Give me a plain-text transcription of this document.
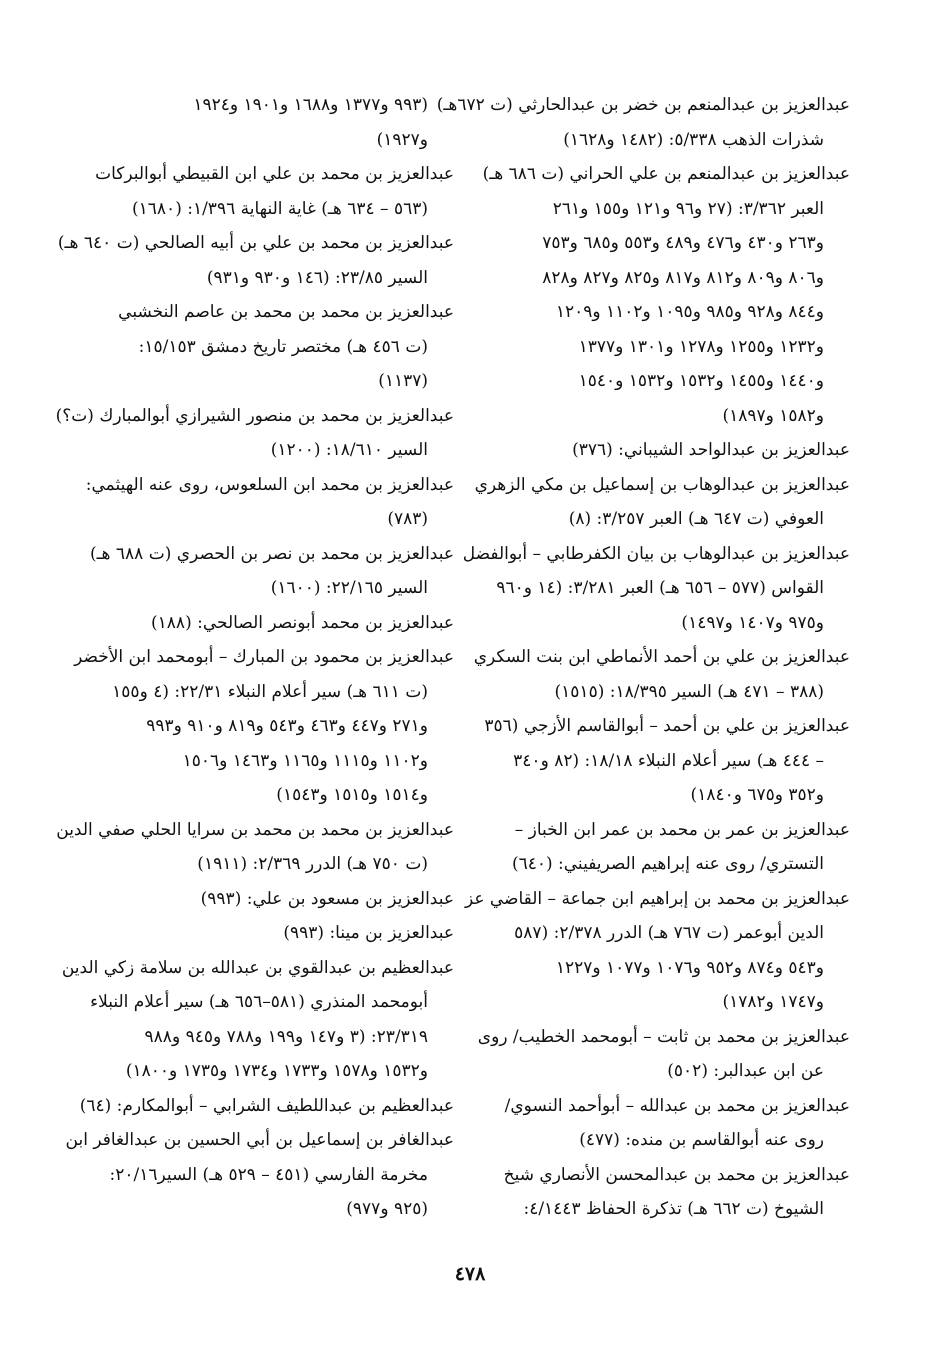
عبدالعزيز بن عبدالمنعم بن خضر بن عبدالحارثي (ت ٦٧٢هـ)
شذرات الذهب ٥/٣٣٨: (١٤٨٢ و١٦٢٨)
عبدالعزيز بن عبدالمنعم بن علي الحراني (ت ٦٨٦ هـ)
العبر ٣/٣٦٢: (٢٧ و٩٦ و١٢١ و١٥٥ و٢٦١
و٢٦٣ و٤٣٠ و٤٧٦ و٤٨٩ و٥٥٣ و٦٨٥ و٧٥٣
و٨٠٦ و٨٠٩ و٨١٢ و٨١٧ و٨٢٥ و٨٢٧ و٨٢٨
و٨٤٤ و٩٢٨ و٩٨٥ و١٠٩٥ و١١٠٢ و١٢٠٩
و١٢٣٢ و١٢٥٥ و١٢٧٨ و١٣٠١ و١٣٧٧
و١٤٤٠ و١٤٥٥ و١٥٣٢ و١٥٣٢ و١٥٤٠
و١٥٨٢ و١٨٩٧)
عبدالعزيز بن عبدالواحد الشيباني: (٣٧٦)
عبدالعزيز بن عبدالوهاب بن إسماعيل بن مكي الزهري
العوفي (ت ٦٤٧ هـ) العبر ٣/٢٥٧: (٨)
عبدالعزيز بن عبدالوهاب بن بيان الكفرطابي – أبوالفضل
القواس (٥٧٧ – ٦٥٦ هـ) العبر ٣/٢٨١: (١٤ و٩٦٠
و٩٧٥ و١٤٠٧ و١٤٩٧)
عبدالعزيز بن علي بن أحمد الأنماطي ابن بنت السكري
(٣٨٨ – ٤٧١ هـ) السير ١٨/٣٩٥: (١٥١٥)
عبدالعزيز بن علي بن أحمد – أبوالقاسم الأزجي (٣٥٦
– ٤٤٤ هـ) سير أعلام النبلاء ١٨/١٨: (٨٢ و٣٤٠
و٣٥٢ و٦٧٥ و١٨٤٠)
عبدالعزيز بن عمر بن محمد بن عمر ابن الخباز –
التستري/ روى عنه إبراهيم الصريفيني: (٦٤٠)
عبدالعزيز بن محمد بن إبراهيم ابن جماعة – القاضي عز
الدين أبوعمر (ت ٧٦٧ هـ) الدرر ٢/٣٧٨: (٥٨٧
و٥٤٣ و٨٧٤ و٩٥٢ و١٠٧٦ و١٠٧٧ و١٢٢٧
و١٧٤٧ و١٧٨٢)
عبدالعزيز بن محمد بن ثابت – أبومحمد الخطيب/ روى
عن ابن عبدالبر: (٥٠٢)
عبدالعزيز بن محمد بن عبدالله – أبوأحمد النسوي/
روى عنه أبوالقاسم بن منده: (٤٧٧)
عبدالعزيز بن محمد بن عبدالمحسن الأنصاري شيخ
الشيوخ (ت ٦٦٢ هـ) تذكرة الحفاظ ٤/١٤٤٣:
(٩٩٣ و١٣٧٧ و١٦٨٨ و١٩٠١ و١٩٢٤
و١٩٢٧)
عبدالعزيز بن محمد بن علي ابن القبيطي أبوالبركات
(٥٦٣ – ٦٣٤ هـ) غاية النهاية ١/٣٩٦: (١٦٨٠)
عبدالعزيز بن محمد بن علي بن أبيه الصالحي (ت ٦٤٠ هـ)
السير ٢٣/٨٥: (١٤٦ و٩٣٠ و٩٣١)
عبدالعزيز بن محمد بن محمد بن عاصم النخشبي
(ت ٤٥٦ هـ) مختصر تاريخ دمشق ١٥/١٥٣:
(١١٣٧)
عبدالعزيز بن محمد بن منصور الشيرازي أبوالمبارك (ت؟)
السير ١٨/٦١٠: (١٢٠٠)
عبدالعزيز بن محمد ابن السلعوس، روى عنه الهيثمي:
(٧٨٣)
عبدالعزيز بن محمد بن نصر بن الحصري (ت ٦٨٨ هـ)
السير ٢٢/١٦٥: (١٦٠٠)
عبدالعزيز بن محمد أبونصر الصالحي: (١٨٨)
عبدالعزيز بن محمود بن المبارك – أبومحمد ابن الأخضر
(ت ٦١١ هـ) سير أعلام النبلاء ٢٢/٣١: (٤ و١٥٥
و٢٧١ و٤٤٧ و٤٦٣ و٥٤٣ و٨١٩ و٩١٠ و٩٩٣
و١١٠٢ و١١١٥ و١١٦٥ و١٤٦٣ و١٥٠٦
و١٥١٤ و١٥١٥ و١٥٤٣)
عبدالعزيز بن محمد بن محمد بن سرايا الحلي صفي الدين
(ت ٧٥٠ هـ) الدرر ٢/٣٦٩: (١٩١١)
عبدالعزيز بن مسعود بن علي: (٩٩٣)
عبدالعزيز بن مينا: (٩٩٣)
عبدالعظيم بن عبدالقوي بن عبدالله بن سلامة زكي الدين
أبومحمد المنذري (٥٨١–٦٥٦ هـ) سير أعلام النبلاء
٢٣/٣١٩: (٣ و١٤٧ و١٩٩ و٧٨٨ و٩٤٥ و٩٨٨
و١٥٣٢ و١٥٧٨ و١٧٣٣ و١٧٣٤ و١٧٣٥ و١٨٠٠)
عبدالعظيم بن عبداللطيف الشرابي – أبوالمكارم: (٦٤)
عبدالغافر بن إسماعيل بن أبي الحسين بن عبدالغافر ابن
مخرمة الفارسي (٤٥١ – ٥٢٩ هـ) السير٢٠/١٦:
(٩٢٥ و٩٧٧)
٤٧٨
